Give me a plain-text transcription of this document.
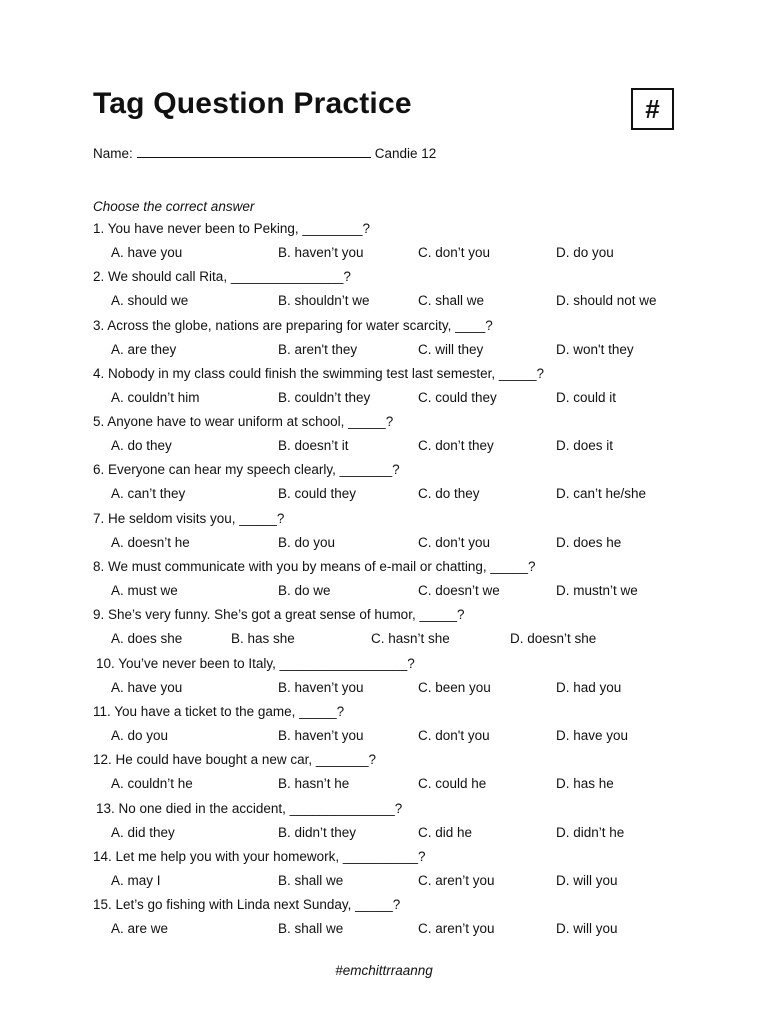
Tag Question Practice	#
Name:	Candie 12
Choose the correct answer
1. You have never been to Peking, ________?
A. have you	B. haven’t you	C. don’t you	D. do you
2. We should call Rita, _______________?
A. should we	B. shouldn’t we	C. shall we	D. should not we
3. Across the globe, nations are preparing for water scarcity, ____?
A. are they	B. aren't they	C. will they	D. won't they
4. Nobody in my class could finish the swimming test last semester, _____?
A. couldn’t him	B. couldn’t they	C. could they	D. could it
5. Anyone have to wear uniform at school, _____?
A. do they	B. doesn’t it	C. don’t they	D. does it
6. Everyone can hear my speech clearly, _______?
A. can’t they	B. could they	C. do they	D. can’t he/she
7. He seldom visits you, _____?
A. doesn’t he	B. do you	C. don’t you	D. does he
8. We must communicate with you by means of e-mail or chatting, _____?
A. must we	B. do we	C. doesn’t we	D. mustn’t we
9. She’s very funny. She’s got a great sense of humor, _____?
A. does she	B. has she	C. hasn’t she	D. doesn’t she
10. You’ve never been to Italy, _________________?
A. have you	B. haven’t you	C. been you	D. had you
11. You have a ticket to the game, _____?
A. do you	B. haven’t you	C. don't you	D. have you
12. He could have bought a new car, _______?
A. couldn’t he	B. hasn’t he	C. could he	D. has he
13. No one died in the accident, ______________?
A. did they	B. didn’t they	C. did he	D. didn’t he
14. Let me help you with your homework, __________?
A. may I	B. shall we	C. aren’t you	D. will you
15. Let’s go fishing with Linda next Sunday, _____?
A. are we	B. shall we	C. aren’t you	D. will you
#emchittrraanng
